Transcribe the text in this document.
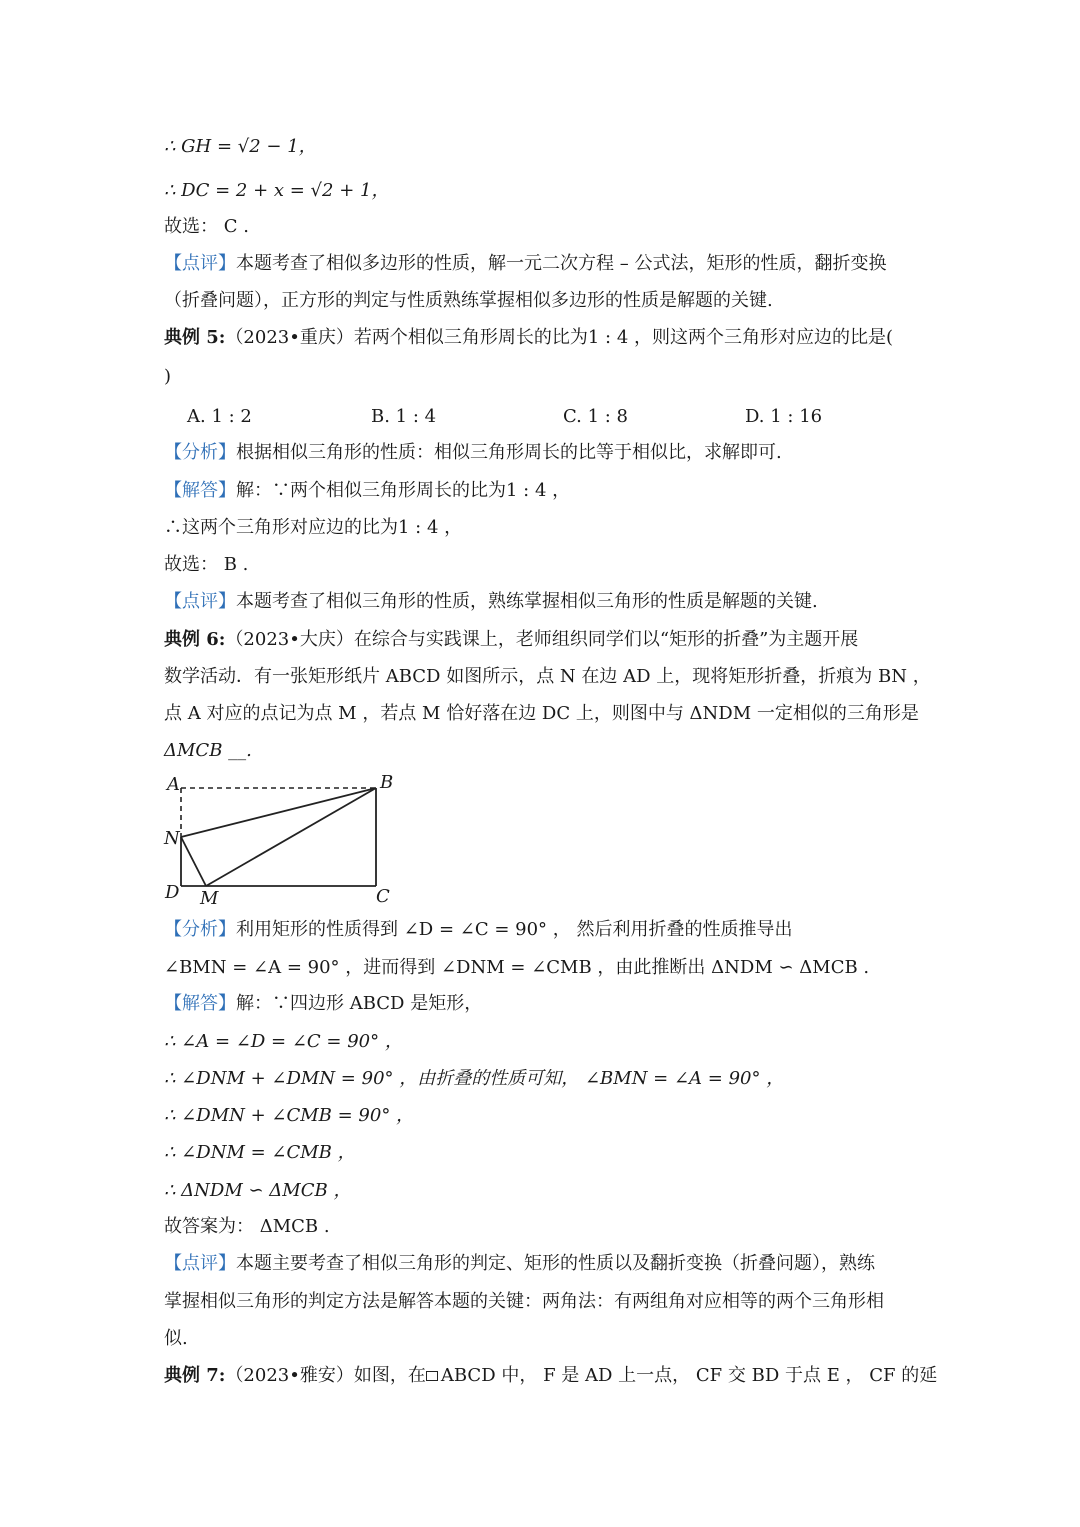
∴ GH = √2 − 1，
∴ DC = 2 + x = √2 + 1，
故选： C .
【点评】本题考查了相似多边形的性质，解一元二次方程 – 公式法，矩形的性质，翻折变换
（折叠问题），正方形的判定与性质熟练掌握相似多边形的性质是解题的关键.
典例 5:（2023•重庆）若两个相似三角形周长的比为1 : 4 ，则这两个三角形对应边的比是(
)
A. 1 : 2	B. 1 : 4	C. 1 : 8	D. 1 : 16
【分析】根据相似三角形的性质：相似三角形周长的比等于相似比，求解即可.
【解答】解：∵两个相似三角形周长的比为1 : 4 ，
∴这两个三角形对应边的比为1 : 4 ，
故选： B .
【点评】本题考查了相似三角形的性质，熟练掌握相似三角形的性质是解题的关键.
典例 6:（2023•大庆）在综合与实践课上，老师组织同学们以“矩形的折叠”为主题开展
数学活动．有一张矩形纸片 ABCD 如图所示，点 N 在边 AD 上，现将矩形折叠，折痕为 BN ，
点 A 对应的点记为点 M ，若点 M 恰好落在边 DC 上，则图中与 ΔNDM 一定相似的三角形是
ΔMCB __.
A	B
N
D M	C
【分析】利用矩形的性质得到 ∠D = ∠C = 90° ， 然后利用折叠的性质推导出
∠BMN = ∠A = 90° ，进而得到 ∠DNM = ∠CMB ，由此推断出 ΔNDM ∽ ΔMCB .
【解答】解：∵四边形 ABCD 是矩形，
∴ ∠A = ∠D = ∠C = 90° ，
∴ ∠DNM + ∠DMN = 90° ，由折叠的性质可知， ∠BMN = ∠A = 90° ，
∴ ∠DMN + ∠CMB = 90° ，
∴ ∠DNM = ∠CMB ，
∴ ΔNDM ∽ ΔMCB ，
故答案为： ΔMCB .
【点评】本题主要考查了相似三角形的判定、矩形的性质以及翻折变换（折叠问题），熟练
掌握相似三角形的判定方法是解答本题的关键：两角法：有两组角对应相等的两个三角形相
似.
典例 7:（2023•雅安）如图，在 ABCD 中， F 是 AD 上一点， CF 交 BD 于点 E ， CF 的延
